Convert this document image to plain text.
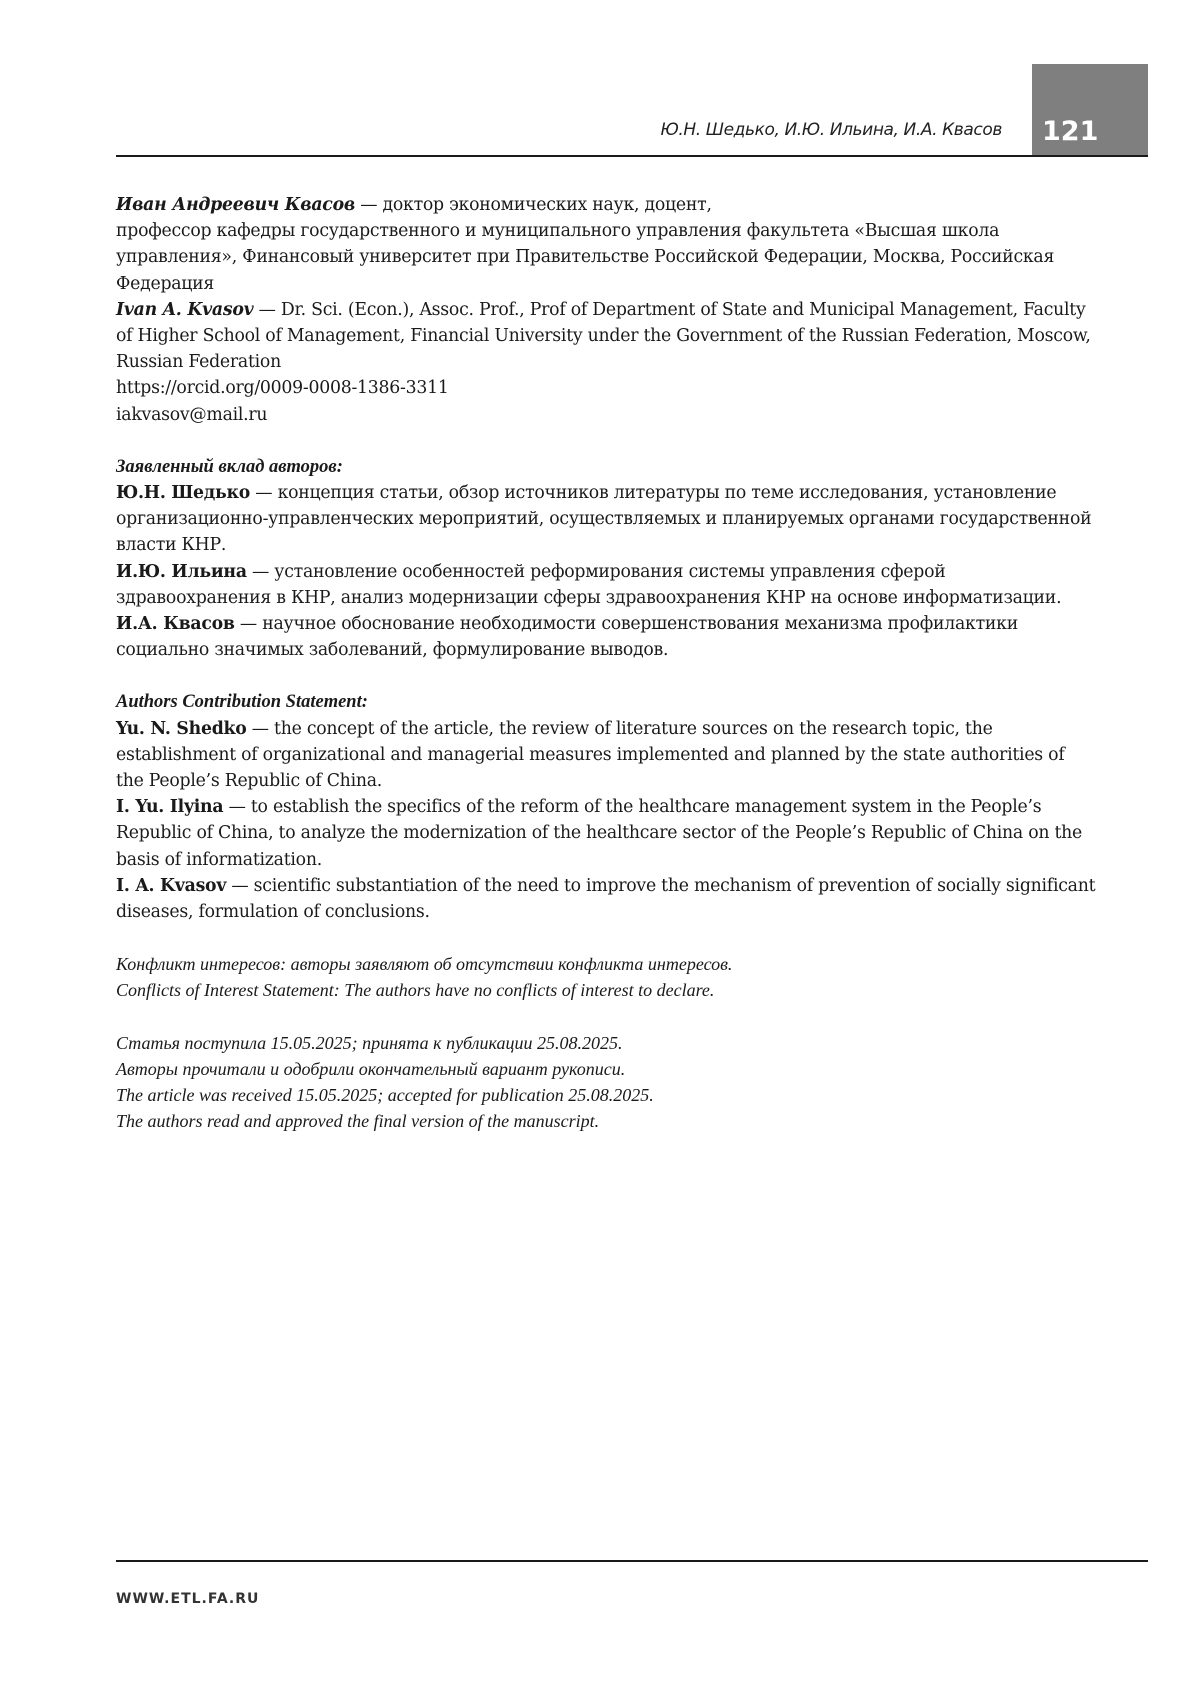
Ю.Н. Шедько, И.Ю. Ильина, И.А. Квасов 121

Иван Андреевич Квасов — доктор экономических наук, доцент,

профессор кафедры государственного и муниципального управления факультета «Высшая школа управления», Финансовый университет при Правительстве Российской Федерации, Москва, Российская Федерация

Ivan A. Kvasov — Dr. Sci. (Econ.), Assoc. Prof., Prof of Department of State and Municipal Management, Faculty of Higher School of Management, Financial University under the Government of the Russian Federation, Moscow, Russian Federation

https://orcid.org/0009-0008-1386-3311

iakvasov@mail.ru

Заявленный вклад авторов:

Ю.Н. Шедько — концепция статьи, обзор источников литературы по теме исследования, установление организационно-управленческих мероприятий, осуществляемых и планируемых органами государственной власти КНР.

И.Ю. Ильина — установление особенностей реформирования системы управления сферой здравоохранения в КНР, анализ модернизации сферы здравоохранения КНР на основе информатизации.

И.А. Квасов — научное обоснование необходимости совершенствования механизма профилактики социально значимых заболеваний, формулирование выводов.

Authors Contribution Statement:

Yu. N. Shedko — the concept of the article, the review of literature sources on the research topic, the establishment of organizational and managerial measures implemented and planned by the state authorities of the People’s Republic of China.

I. Yu. Ilyina — to establish the specifics of the reform of the healthcare management system in the People’s Republic of China, to analyze the modernization of the healthcare sector of the People’s Republic of China on the basis of informatization.

I. A. Kvasov — scientific substantiation of the need to improve the mechanism of prevention of socially significant diseases, formulation of conclusions.

Конфликт интересов: авторы заявляют об отсутствии конфликта интересов.

Conflicts of Interest Statement: The authors have no conflicts of interest to declare.

Статья поступила 15.05.2025; принята к публикации 25.08.2025.

Авторы прочитали и одобрили окончательный вариант рукописи.

The article was received 15.05.2025; accepted for publication 25.08.2025.

The authors read and approved the final version of the manuscript.

WWW.ETL.FA.RU
